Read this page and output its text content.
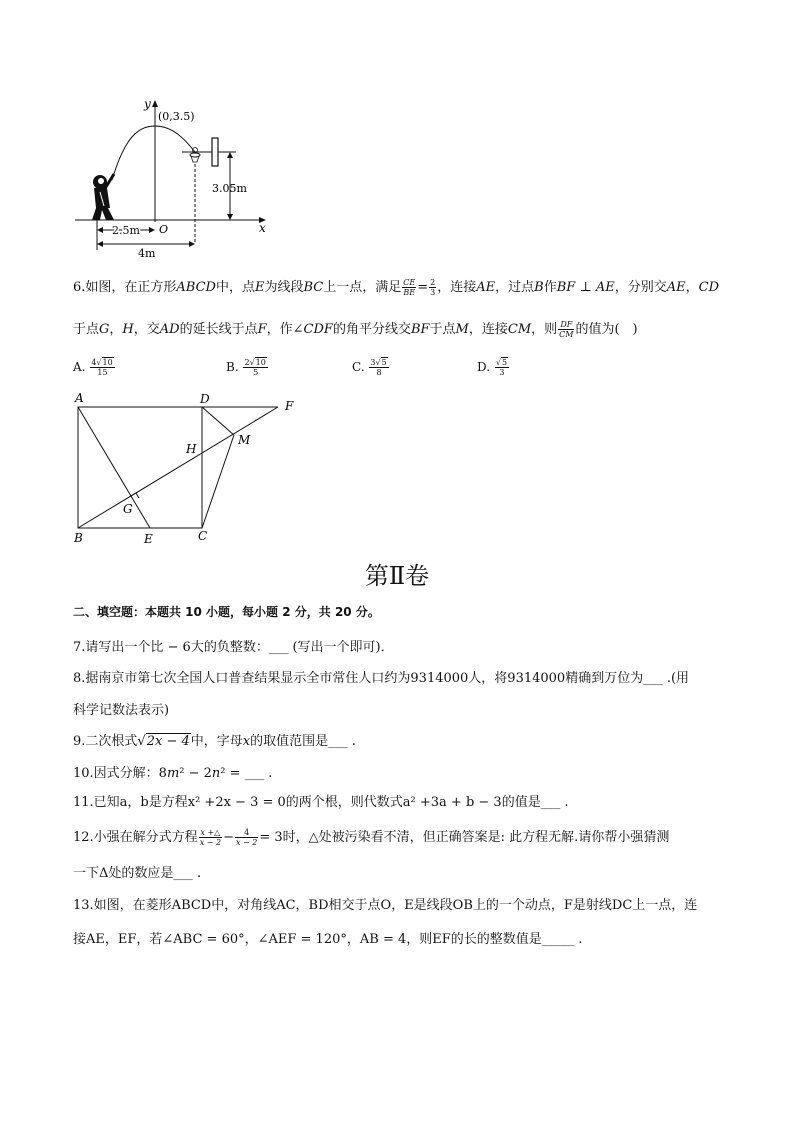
y
x
(0,3.5)
3.05m
2.5m O
4m
6.如图，在正方形ABCD中，点E为线段BC上一点，满足 $\frac{CE}{BE} = \frac{2}{3}$ ，连接AE，过点B作BF ⊥ AE，分别交AE，CD
于点G，H，交AD的延长线于点F，作∠CDF的角平分线交BF于点M，连接CM，则 $\frac{DF}{CM}$ 的值为(　)
A. $\frac{4√10}{15}$	B. $\frac{2√10}{5}$	C. $\frac{3√5}{8}$	D. $\frac{√5}{3}$
A	D	F
H
M
G
B	E	C
第Ⅱ卷
二、填空题：本题共 10 小题，每小题 2 分，共 20 分。
7.请写出一个比 − 6大的负整数：___ (写出一个即可)．
8.据南京市第七次全国人口普查结果显示全市常住人口约为9314000人，将9314000精确到万位为___ .(用
科学记数法表示)
9.二次根式√2x − 4中，字母x的取值范围是___ .
10.因式分解：8m² − 2n² = ___ .
11.已知a，b是方程x² +2x − 3 = 0的两个根，则代数式a² +3a + b − 3的值是___ .
12.小强在解分式方程 $\frac{x +\triangle}{x - 2} - \frac{4}{x - 2} = 3$时，△处被污染看不清，但正确答案是: 此方程无解.请你帮小强猜测
一下Δ处的数应是___ .
13.如图，在菱形ABCD中，对角线AC，BD相交于点O，E是线段OB上的一个动点，F是射线DC上一点，连
接AE，EF，若∠ABC = 60°，∠AEF = 120°，AB = 4，则EF的长的整数值是_____ .
